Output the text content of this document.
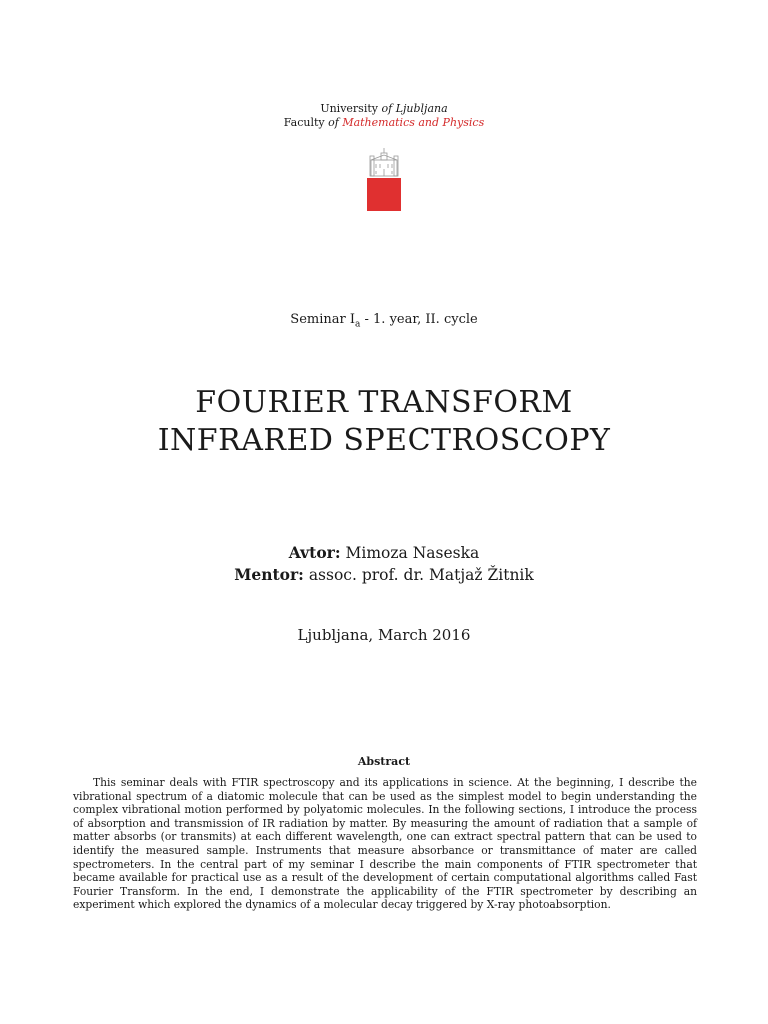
University of Ljubljana
Faculty of Mathematics and Physics
Seminar $I_a - 1$. year, II. cycle
FOURIER TRANSFORM
INFRARED SPECTROSCOPY
Avtor: Mimoza Naseska
Mentor: assoc. prof. dr. Matjaž Žitnik
Ljubljana, March 2016
Abstract

This seminar deals with FTIR spectroscopy and its applications in science. At the beginning, I describe the vibrational spectrum of a diatomic molecule that can be used as the simplest model to begin understanding the complex vibrational motion performed by polyatomic molecules. In the following sections, I introduce the process of absorption and transmission of IR radiation by matter. By measuring the amount of radiation that a sample of matter absorbs (or transmits) at each different wavelength, one can extract spectral pattern that can be used to identify the measured sample. Instruments that measure absorbance or transmittance of mater are called spectrometers. In the central part of my seminar I describe the main components of FTIR spectrometer that became available for practical use as a result of the development of certain computational algorithms called Fast Fourier Transform. In the end, I demonstrate the applicability of the FTIR spectrometer by describing an experiment which explored the dynamics of a molecular decay triggered by X-ray photoabsorption.
